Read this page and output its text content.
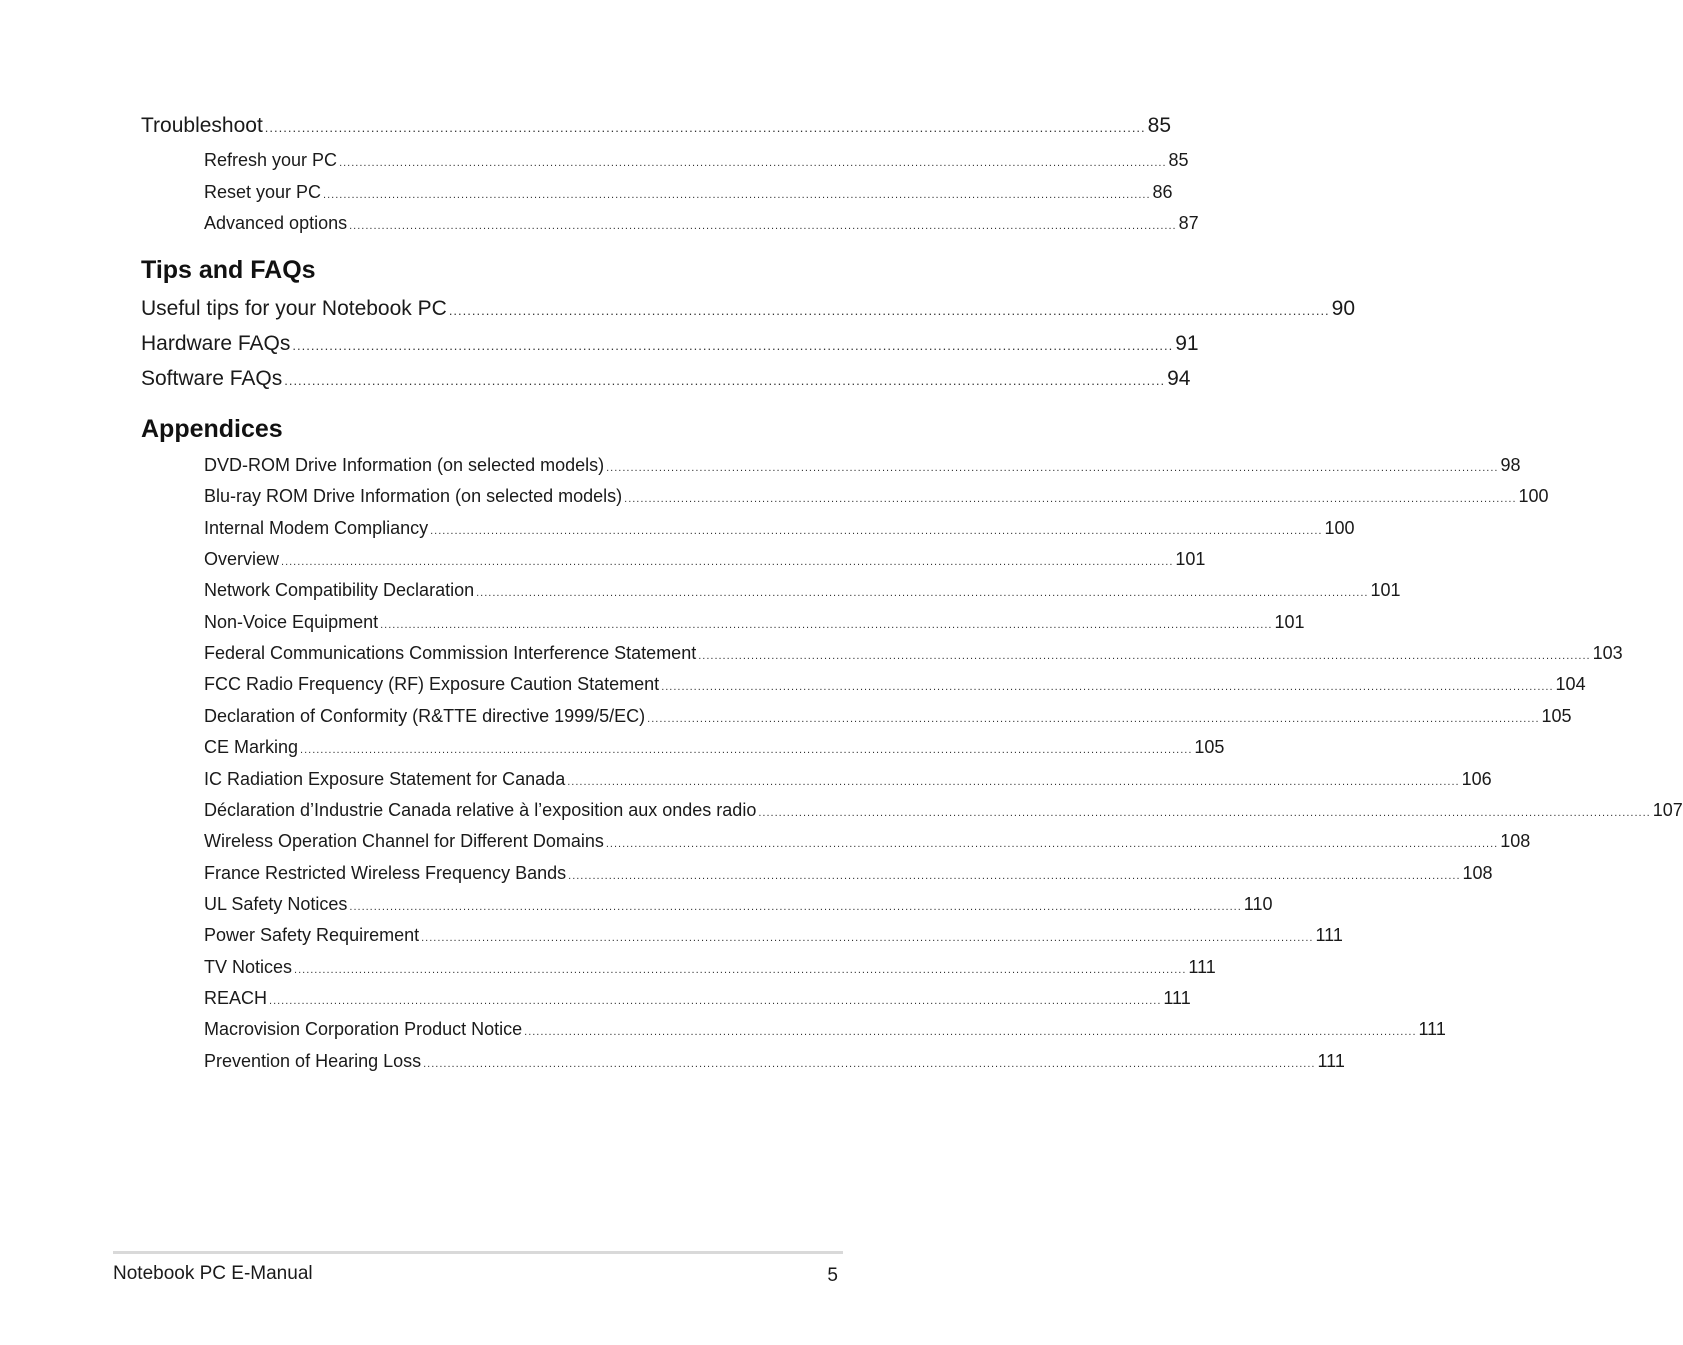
Troubleshoot ............................................................................................................................................................................................... 85
Refresh your PC ............................................................................................................................................................................................................ 85
Reset your PC ............................................................................................................................................................................................................ 86
Advanced options ............................................................................................................................................................................................................ 87
Tips and FAQs
Useful tips for your Notebook PC ............................................................................................................................................................................................... 90
Hardware FAQs ............................................................................................................................................................................................... 91
Software FAQs ............................................................................................................................................................................................... 94
Appendices
DVD-ROM Drive Information (on selected models) ............................................................................................................................................................................................................................ 98
Blu-ray ROM Drive Information (on selected models) ............................................................................................................................................................................................................................ 100
Internal Modem Compliancy ............................................................................................................................................................................................................................ 100
Overview ............................................................................................................................................................................................................................ 101
Network Compatibility Declaration ............................................................................................................................................................................................................................ 101
Non-Voice Equipment ............................................................................................................................................................................................................................ 101
Federal Communications Commission Interference Statement ............................................................................................................................................................................................................................ 103
FCC Radio Frequency (RF) Exposure Caution Statement ............................................................................................................................................................................................................................ 104
Declaration of Conformity (R&TTE directive 1999/5/EC) ............................................................................................................................................................................................................................ 105
CE Marking ............................................................................................................................................................................................................................ 105
IC Radiation Exposure Statement for Canada ............................................................................................................................................................................................................................ 106
Déclaration d’Industrie Canada relative à l’exposition aux ondes radio ............................................................................................................................................................................................................................ 107
Wireless Operation Channel for Different Domains ............................................................................................................................................................................................................................ 108
France Restricted Wireless Frequency Bands ............................................................................................................................................................................................................................ 108
UL Safety Notices ............................................................................................................................................................................................................................ 110
Power Safety Requirement ............................................................................................................................................................................................................................ 111
TV Notices ............................................................................................................................................................................................................................ 111
REACH ............................................................................................................................................................................................................................ 111
Macrovision Corporation Product Notice ............................................................................................................................................................................................................................ 111
Prevention of Hearing Loss ............................................................................................................................................................................................................................ 111
Notebook PC E-Manual	5
